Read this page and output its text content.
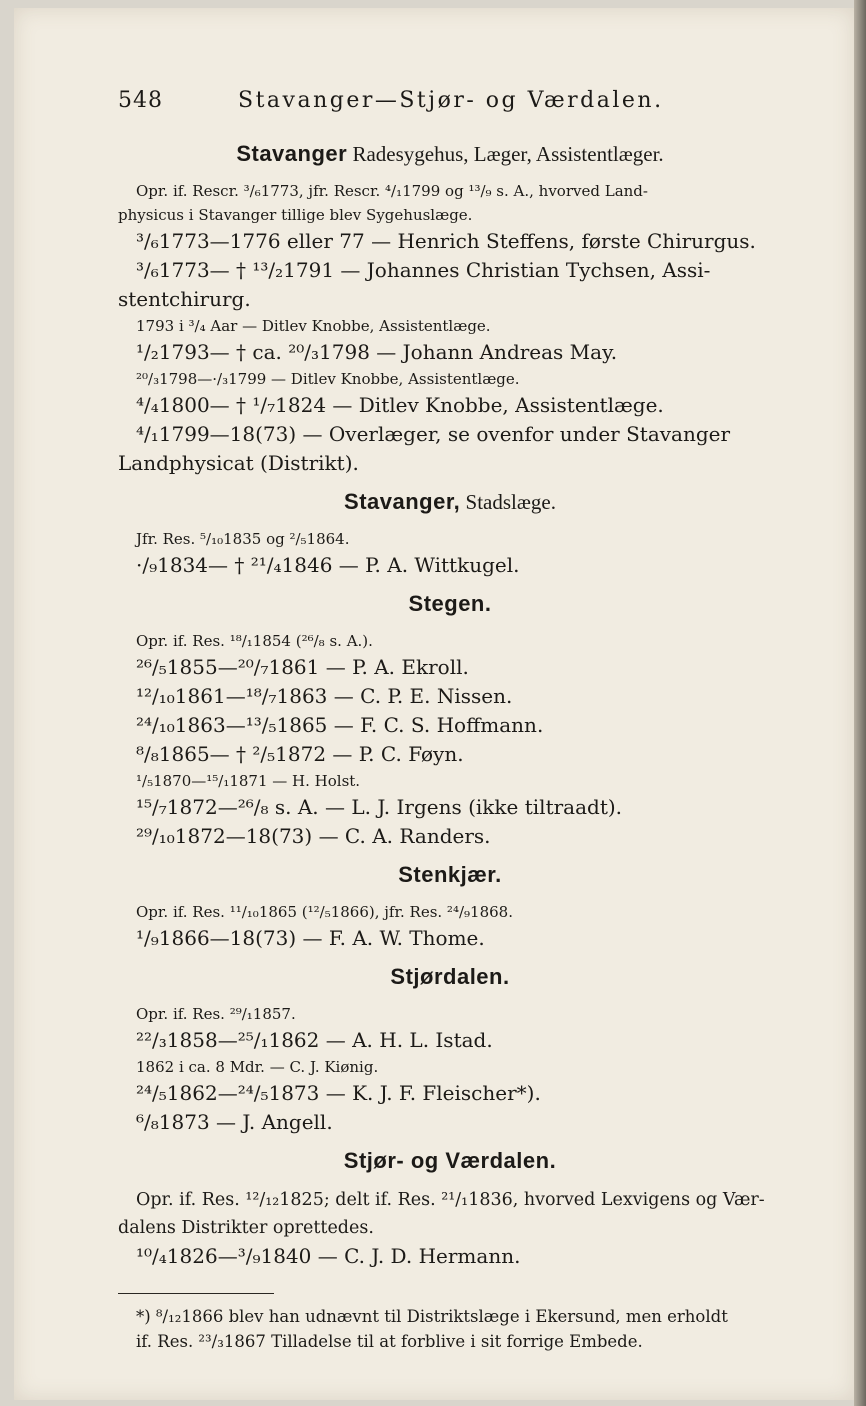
548	Stavanger—Stjør- og Værdalen.
Stavanger Radesygehus, Læger, Assistentlæger.
Opr. if. Rescr. ³/₆1773, jfr. Rescr. ⁴/₁1799 og ¹³/₉ s. A., hvorved Land-
physicus i Stavanger tillige blev Sygehuslæge.
³/₆1773—1776 eller 77 — Henrich Steffens, første Chirurgus.
³/₆1773— † ¹³/₂1791 — Johannes Christian Tychsen, Assi-
stentchirurg.
1793 i ³/₄ Aar — Ditlev Knobbe, Assistentlæge.
¹/₂1793— † ca. ²⁰/₃1798 — Johann Andreas May.
²⁰/₃1798—·/₃1799 — Ditlev Knobbe, Assistentlæge.
⁴/₄1800— † ¹/₇1824 — Ditlev Knobbe, Assistentlæge.
⁴/₁1799—18(73) — Overlæger, se ovenfor under Stavanger
Landphysicat (Distrikt).
Stavanger, Stadslæge.
Jfr. Res. ⁵/₁₀1835 og ²/₅1864.
·/₉1834— † ²¹/₄1846 — P. A. Wittkugel.
Stegen.
Opr. if. Res. ¹⁸/₁1854 (²⁶/₈ s. A.).
²⁶/₅1855—²⁰/₇1861 — P. A. Ekroll.
¹²/₁₀1861—¹⁸/₇1863 — C. P. E. Nissen.
²⁴/₁₀1863—¹³/₅1865 — F. C. S. Hoffmann.
⁸/₈1865— † ²/₅1872 — P. C. Føyn.
¹/₅1870—¹⁵/₁1871 — H. Holst.
¹⁵/₇1872—²⁶/₈ s. A. — L. J. Irgens (ikke tiltraadt).
²⁹/₁₀1872—18(73) — C. A. Randers.
Stenkjær.
Opr. if. Res. ¹¹/₁₀1865 (¹²/₅1866), jfr. Res. ²⁴/₉1868.
¹/₉1866—18(73) — F. A. W. Thome.
Stjørdalen.
Opr. if. Res. ²⁹/₁1857.
²²/₃1858—²⁵/₁1862 — A. H. L. Istad.
1862 i ca. 8 Mdr. — C. J. Kiønig.
²⁴/₅1862—²⁴/₅1873 — K. J. F. Fleischer*).
⁶/₈1873 — J. Angell.
Stjør- og Værdalen.
Opr. if. Res. ¹²/₁₂1825; delt if. Res. ²¹/₁1836, hvorved Lexvigens og Vær-
dalens Distrikter oprettedes.
¹⁰/₄1826—³/₉1840 — C. J. D. Hermann.
*) ⁸/₁₂1866 blev han udnævnt til Distriktslæge i Ekersund, men erholdt
if. Res. ²³/₃1867 Tilladelse til at forblive i sit forrige Embede.
